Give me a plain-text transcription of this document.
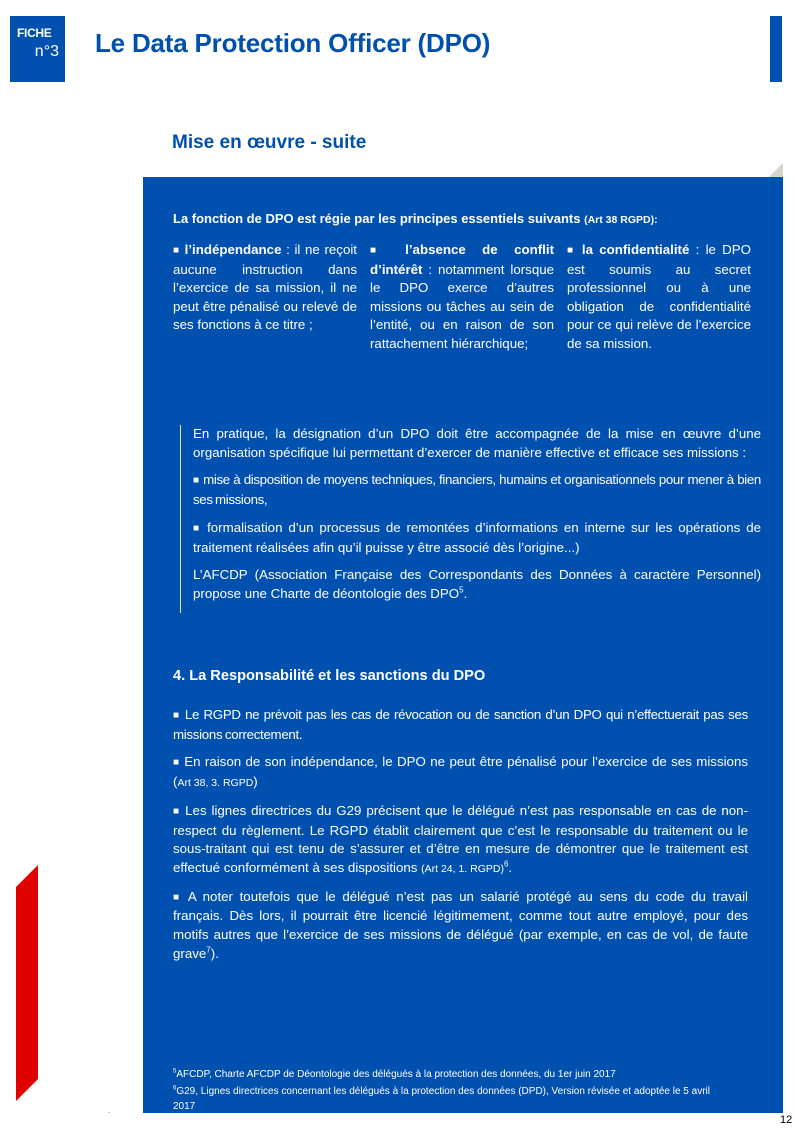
FICHE
n°3 Le Data Protection Officer (DPO)
Mise en œuvre - suite
La fonction de DPO est régie par les principes essentiels suivants (Art 38 RGPD):
■ l’indépendance : il ne reçoit aucune instruction dans l’exercice de sa mission, il ne peut être pénalisé ou relevé de ses fonctions à ce titre ;
■ l’absence de conflit d’intérêt : notamment lorsque le DPO exerce d’autres missions ou tâches au sein de l’entité, ou en raison de son rattachement hiérarchique;
■ la confidentialité : le DPO est soumis au secret professionnel ou à une obligation de confidentialité pour ce qui relève de l’exercice de sa mission.

En pratique, la désignation d’un DPO doit être accompagnée de la mise en œuvre d’une organisation spécifique lui permettant d’exercer de manière effective et efficace ses missions :

■ mise à disposition de moyens techniques, financiers, humains et organisationnels pour mener à bien ses missions,

■ formalisation d’un processus de remontées d’informations en interne sur les opérations de traitement réalisées afin qu’il puisse y être associé dès l’origine...)

L’AFCDP (Association Française des Correspondants des Données à caractère Personnel) propose une Charte de déontologie des DPO$^5$.

4. La Responsabilité et les sanctions du DPO

■ Le RGPD ne prévoit pas les cas de révocation ou de sanction d’un DPO qui n’effectuerait pas ses missions correctement.

■ En raison de son indépendance, le DPO ne peut être pénalisé pour l’exercice de ses missions (Art 38, 3. RGPD)

■ Les lignes directrices du G29 précisent que le délégué n’est pas responsable en cas de non-respect du règlement. Le RGPD établit clairement que c’est le responsable du traitement ou le sous-traitant qui est tenu de s’assurer et d’être en mesure de démontrer que le traitement est effectué conformément à ses dispositions (Art 24, 1. RGPD)$^6$.

■ A noter toutefois que le délégué n’est pas un salarié protégé au sens du code du travail français. Dès lors, il pourrait être licencié légitimement, comme tout autre employé, pour des motifs autres que l’exercice de ses missions de délégué (par exemple, en cas de vol, de faute grave$^7$).

$^5$AFCDP, Charte AFCDP de Déontologie des délégués à la protection des données, du 1er juin 2017

$^6$G29, Lignes directrices concernant les délégués à la protection des données (DPD), Version révisée et adoptée le 5 avril 2017

12
